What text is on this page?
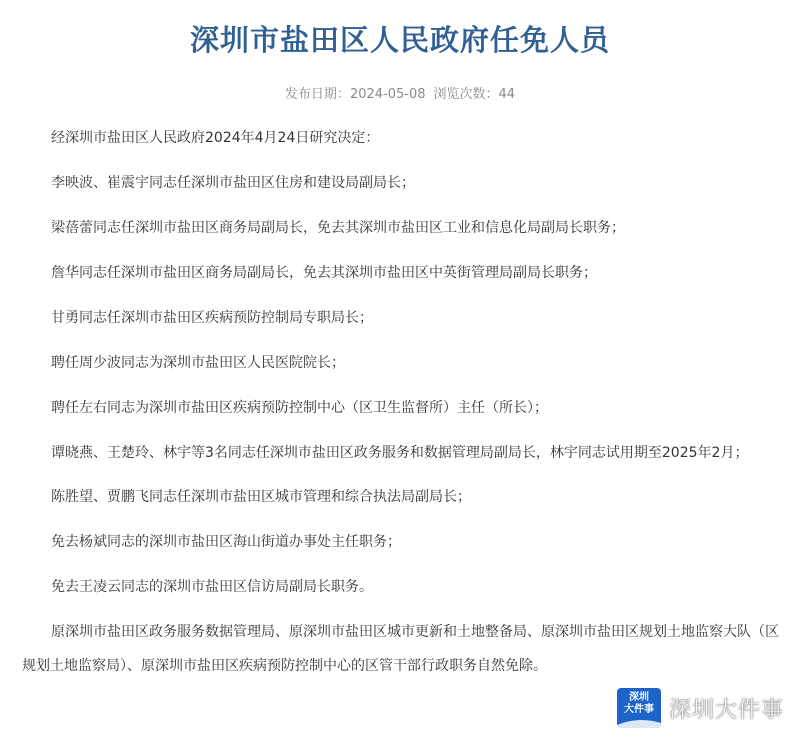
深圳市盐田区人民政府任免人员
发布日期：2024-05-08 浏览次数：44

经深圳市盐田区人民政府2024年4月24日研究决定：

李映波、崔震宇同志任深圳市盐田区住房和建设局副局长；

梁蓓蕾同志任深圳市盐田区商务局副局长，免去其深圳市盐田区工业和信息化局副局长职务；

詹华同志任深圳市盐田区商务局副局长，免去其深圳市盐田区中英街管理局副局长职务；

甘勇同志任深圳市盐田区疾病预防控制局专职局长；

聘任周少波同志为深圳市盐田区人民医院院长；

聘任左右同志为深圳市盐田区疾病预防控制中心（区卫生监督所）主任（所长）；

谭晓燕、王楚玲、林宇等3名同志任深圳市盐田区政务服务和数据管理局副局长，林宇同志试用期至2025年2月；

陈胜望、贾鹏飞同志任深圳市盐田区城市管理和综合执法局副局长；

免去杨斌同志的深圳市盐田区海山街道办事处主任职务；

免去王凌云同志的深圳市盐田区信访局副局长职务。

原深圳市盐田区政务服务数据管理局、原深圳市盐田区城市更新和土地整备局、原深圳市盐田区规划土地监察大队（区规划土地监察局）、原深圳市盐田区疾病预防控制中心的区管干部行政职务自然免除。

深圳
大件事 深圳大件事
